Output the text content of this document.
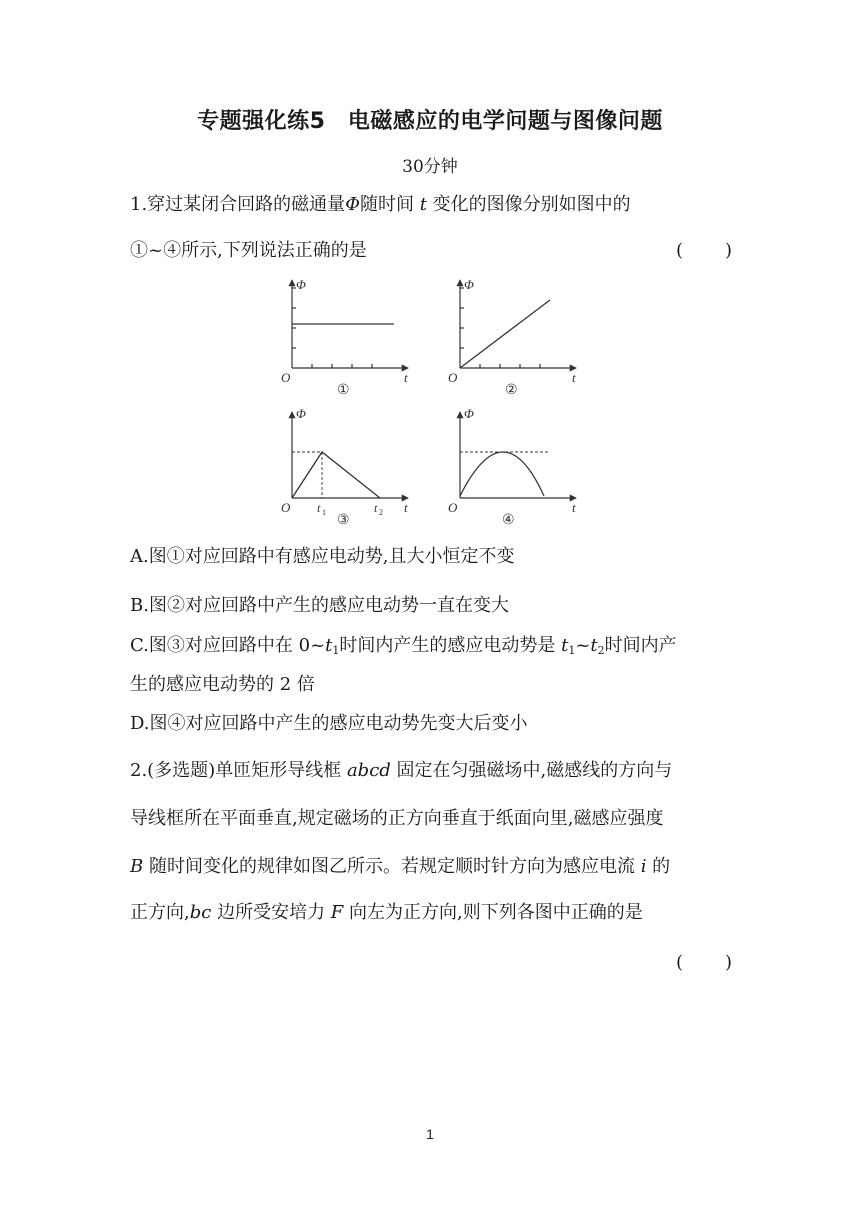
专题强化练5　电磁感应的电学问题与图像问题
30分钟
1.穿过某闭合回路的磁通量Φ随时间 t 变化的图像分别如图中的
①~④所示,下列说法正确的是	(　　)
Φ
O	t
①
Φ
O	t
②
Φ
O	t
t 1	t 2
③
Φ
O	t
④
A.图①对应回路中有感应电动势,且大小恒定不变
B.图②对应回路中产生的感应电动势一直在变大
C.图③对应回路中在 $0\sim t_1$时间内产生的感应电动势是 $t_1\sim t_2$时间内产
生的感应电动势的 2 倍
D.图④对应回路中产生的感应电动势先变大后变小
2.(多选题)单匝矩形导线框 abcd 固定在匀强磁场中,磁感线的方向与
导线框所在平面垂直,规定磁场的正方向垂直于纸面向里,磁感应强度
B 随时间变化的规律如图乙所示。若规定顺时针方向为感应电流 i 的
正方向,bc 边所受安培力 F 向左为正方向,则下列各图中正确的是
(　　)
1
